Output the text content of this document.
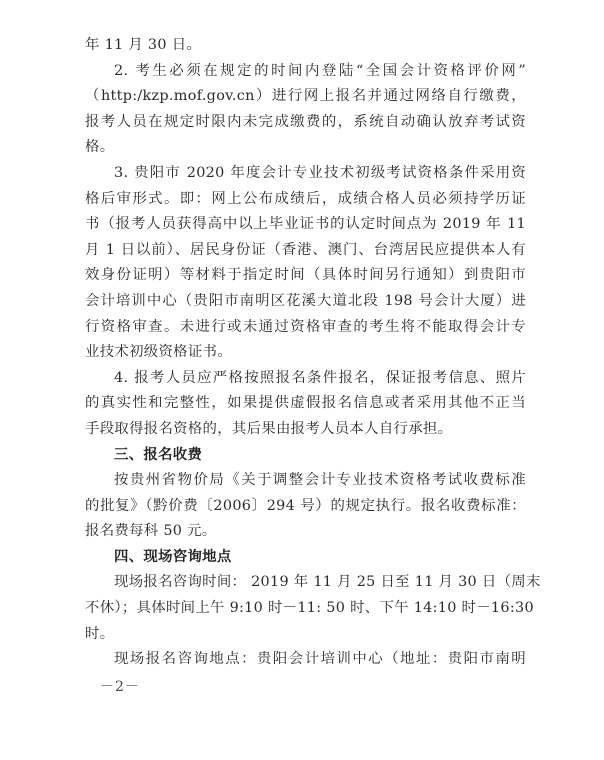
年 11 月 30 日。
2. 考生必须在规定的时间内登陆“全国会计资格评价网”
（http:/kzp.mof.gov.cn）进行网上报名并通过网络自行缴费，
报考人员在规定时限内未完成缴费的，系统自动确认放弃考试资
格。
3. 贵阳市 2020 年度会计专业技术初级考试资格条件采用资
格后审形式。即：网上公布成绩后，成绩合格人员必须持学历证
书（报考人员获得高中以上毕业证书的认定时间点为 2019 年 11
月 1 日以前）、居民身份证（香港、澳门、台湾居民应提供本人有
效身份证明）等材料于指定时间（具体时间另行通知）到贵阳市
会计培训中心（贵阳市南明区花溪大道北段 198 号会计大厦）进
行资格审查。未进行或未通过资格审查的考生将不能取得会计专
业技术初级资格证书。
4. 报考人员应严格按照报名条件报名，保证报考信息、照片
的真实性和完整性，如果提供虚假报名信息或者采用其他不正当
手段取得报名资格的，其后果由报考人员本人自行承担。
三、报名收费
按贵州省物价局《关于调整会计专业技术资格考试收费标准
的批复》（黔价费〔2006〕294 号）的规定执行。报名收费标准：
报名费每科 50 元。
四、现场咨询地点
现场报名咨询时间： 2019 年 11 月 25 日至 11 月 30 日（周末
不休）；具体时间上午 9:10 时－11: 50 时、下午 14:10 时－16:30
时。
现场报名咨询地点：贵阳会计培训中心（地址：贵阳市南明
－2－
